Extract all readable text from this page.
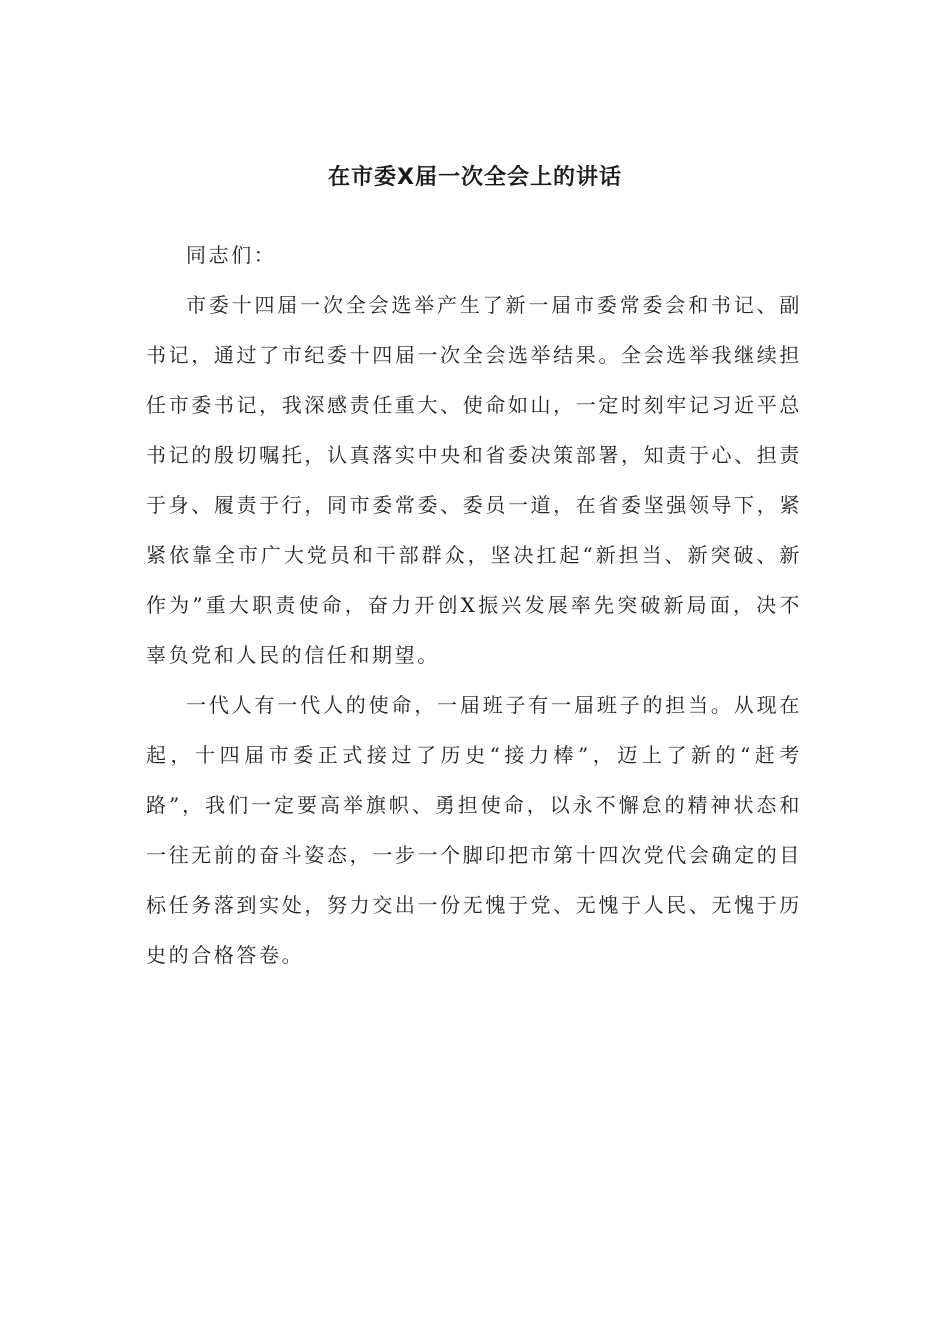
在市委X届一次全会上的讲话

同志们：

市委十四届一次全会选举产生了新一届市委常委会和书记、副书记，通过了市纪委十四届一次全会选举结果。全会选举我继续担任市委书记，我深感责任重大、使命如山，一定时刻牢记习近平总书记的殷切嘱托，认真落实中央和省委决策部署，知责于心、担责于身、履责于行，同市委常委、委员一道，在省委坚强领导下，紧紧依靠全市广大党员和干部群众，坚决扛起“新担当、新突破、新作为”重大职责使命，奋力开创X振兴发展率先突破新局面，决不辜负党和人民的信任和期望。

一代人有一代人的使命，一届班子有一届班子的担当。从现在起，十四届市委正式接过了历史“接力棒”，迈上了新的“赶考路”，我们一定要高举旗帜、勇担使命，以永不懈怠的精神状态和一往无前的奋斗姿态，一步一个脚印把市第十四次党代会确定的目标任务落到实处，努力交出一份无愧于党、无愧于人民、无愧于历史的合格答卷。
